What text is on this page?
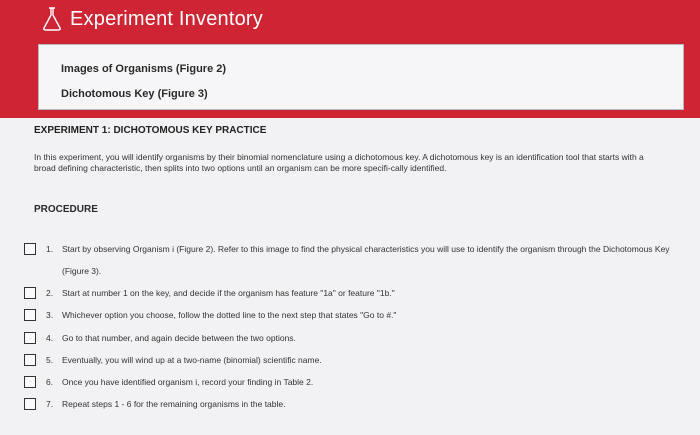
Experiment Inventory
Images of Organisms (Figure 2)
Dichotomous Key (Figure 3)
EXPERIMENT 1: DICHOTOMOUS KEY PRACTICE
In this experiment, you will identify organisms by their binomial nomenclature using a dichotomous key. A dichotomous key is an identification tool that starts with a broad defining characteristic, then splits into two options until an organism can be more specifi-cally identified.
PROCEDURE
1. Start by observing Organism i (Figure 2). Refer to this image to find the physical characteristics you will use to identify the organism through the Dichotomous Key (Figure 3).
2. Start at number 1 on the key, and decide if the organism has feature "1a" or feature "1b."
3. Whichever option you choose, follow the dotted line to the next step that states "Go to #."
4. Go to that number, and again decide between the two options.
5. Eventually, you will wind up at a two-name (binomial) scientific name.
6. Once you have identified organism i, record your finding in Table 2.
7. Repeat steps 1 - 6 for the remaining organisms in the table.
